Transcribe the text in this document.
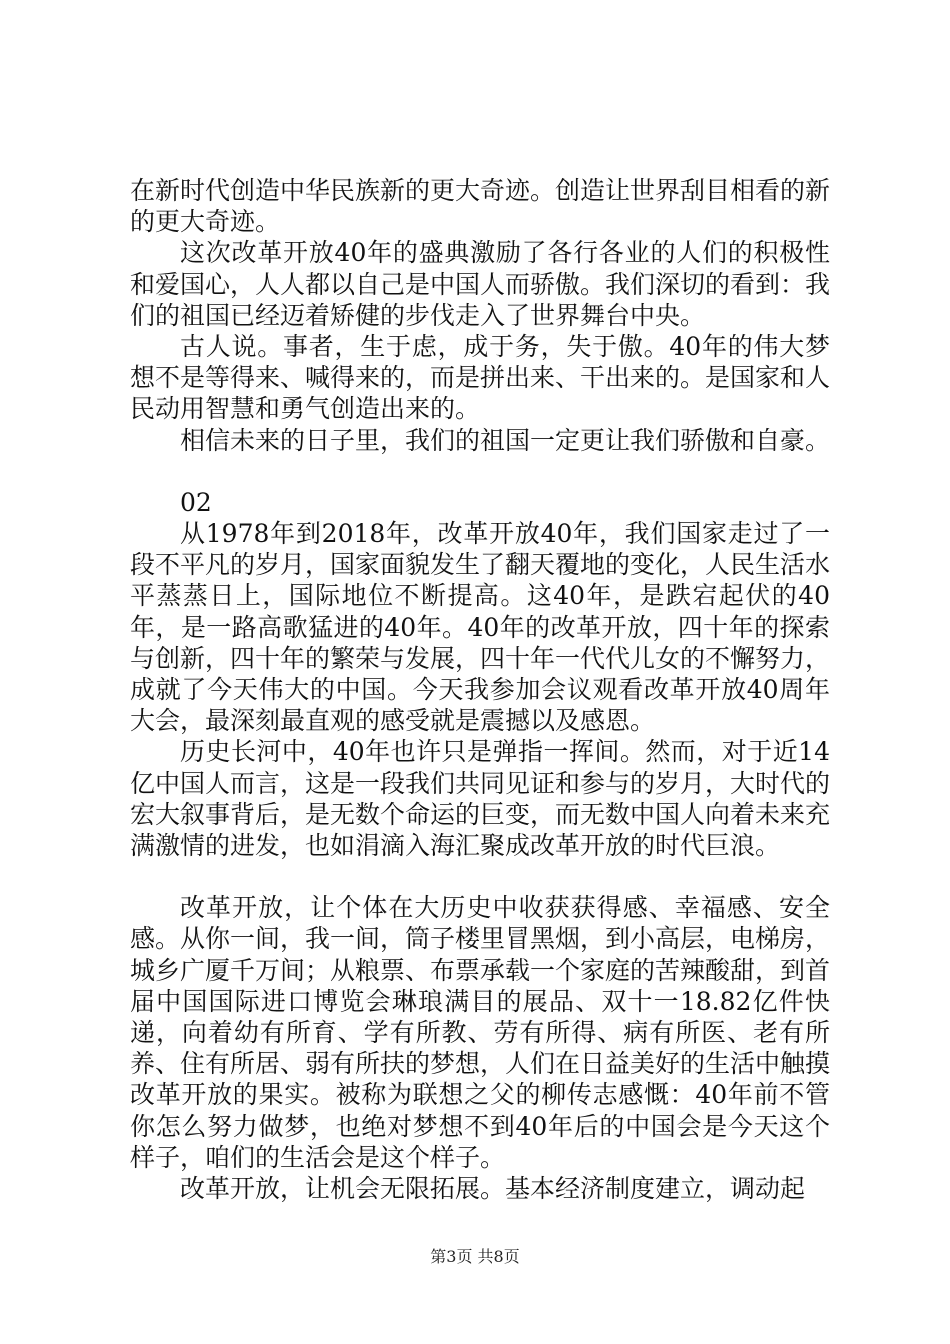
在新时代创造中华民族新的更大奇迹。创造让世界刮目相看的新的更大奇迹。

这次改革开放40年的盛典激励了各行各业的人们的积极性和爱国心，人人都以自己是中国人而骄傲。我们深切的看到：我们的祖国已经迈着矫健的步伐走入了世界舞台中央。

古人说。事者，生于虑，成于务，失于傲。40年的伟大梦想不是等得来、喊得来的，而是拼出来、干出来的。是国家和人民动用智慧和勇气创造出来的。

相信未来的日子里，我们的祖国一定更让我们骄傲和自豪。

02

从1978年到2018年，改革开放40年，我们国家走过了一段不平凡的岁月，国家面貌发生了翻天覆地的变化，人民生活水平蒸蒸日上，国际地位不断提高。这40年，是跌宕起伏的40年，是一路高歌猛进的40年。40年的改革开放，四十年的探索与创新，四十年的繁荣与发展，四十年一代代儿女的不懈努力，成就了今天伟大的中国。今天我参加会议观看改革开放40周年大会，最深刻最直观的感受就是震撼以及感恩。

历史长河中，40年也许只是弹指一挥间。然而，对于近14亿中国人而言，这是一段我们共同见证和参与的岁月，大时代的宏大叙事背后，是无数个命运的巨变，而无数中国人向着未来充满激情的进发，也如涓滴入海汇聚成改革开放的时代巨浪。

改革开放，让个体在大历史中收获获得感、幸福感、安全感。从你一间，我一间，筒子楼里冒黑烟，到小高层，电梯房，城乡广厦千万间；从粮票、布票承载一个家庭的苦辣酸甜，到首届中国国际进口博览会琳琅满目的展品、双十一18.82亿件快递，向着幼有所育、学有所教、劳有所得、病有所医、老有所养、住有所居、弱有所扶的梦想，人们在日益美好的生活中触摸改革开放的果实。被称为联想之父的柳传志感慨：40年前不管你怎么努力做梦，也绝对梦想不到40年后的中国会是今天这个样子，咱们的生活会是这个样子。

改革开放，让机会无限拓展。基本经济制度建立，调动起

第3页 共8页
